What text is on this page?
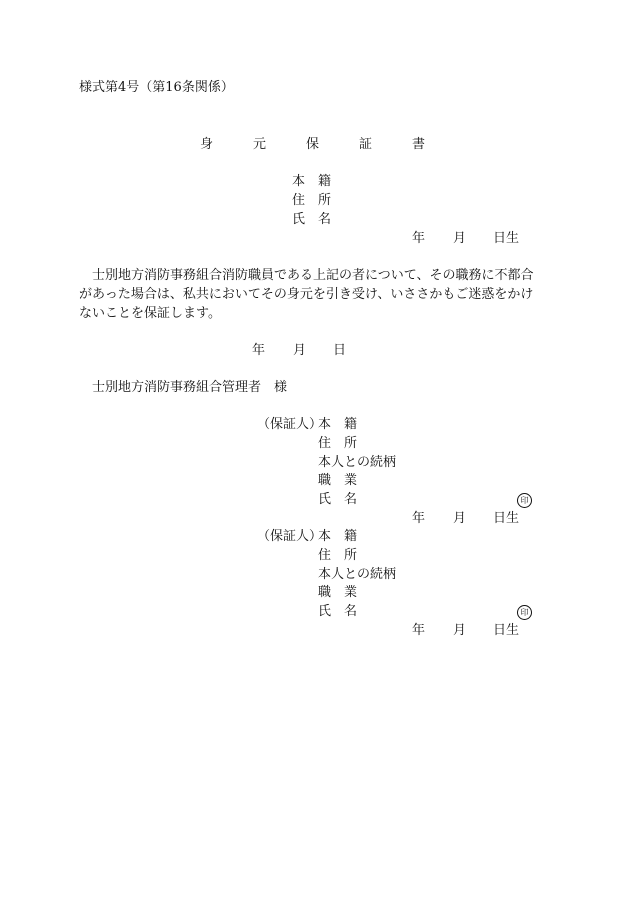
様式第4号（第16条関係）
身	元	保	証	書
本　籍
住　所
氏　名
年 月 日生
士別地方消防事務組合消防職員である上記の者について、その職務に不都合
があった場合は、私共においてその身元を引き受け、いささかもご迷惑をかけ
ないことを保証します。
年 月 日
士別地方消防事務組合管理者　様
（保証人）
本　籍
住　所
本人との続柄
職　業
氏　名	印
年 月 日生
（保証人）
本　籍
住　所
本人との続柄
職　業
氏　名	印
年 月 日生
